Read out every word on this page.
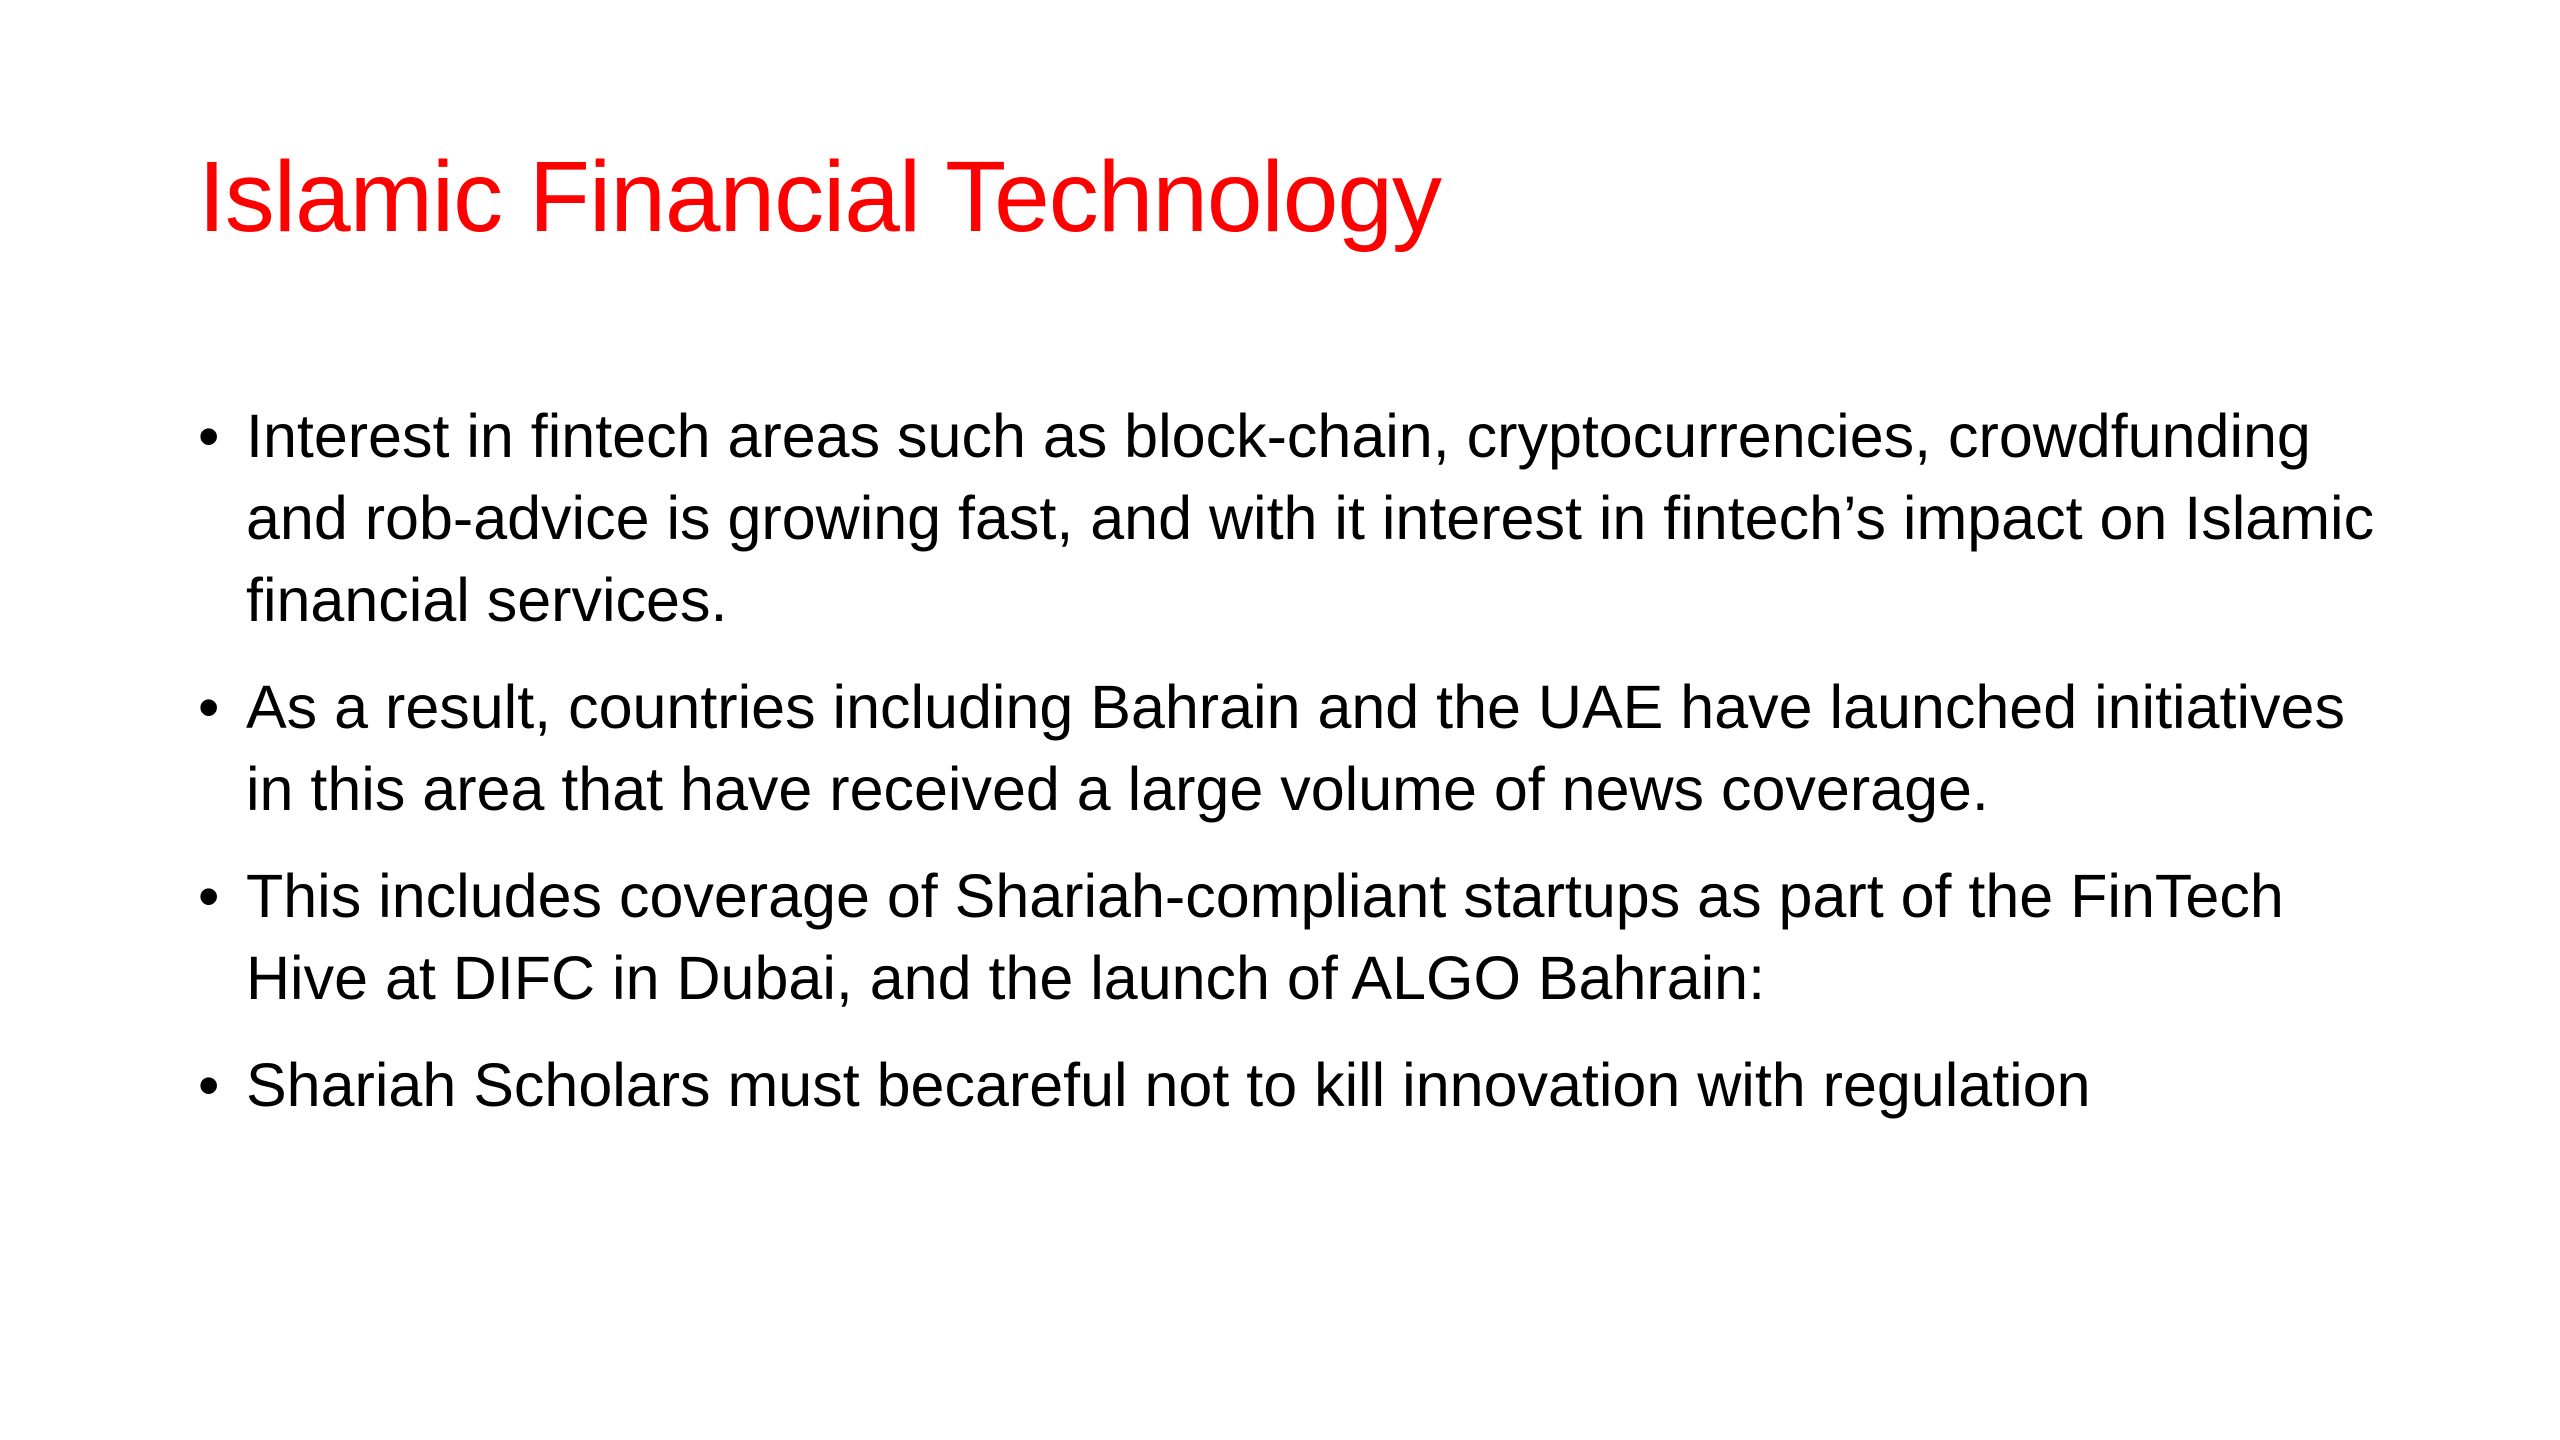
Islamic Financial Technology
• Interest in fintech areas such as block-chain, cryptocurrencies, crowdfunding and rob-advice is growing fast, and with it interest in fintech’s impact on Islamic financial services.
• As a result, countries including Bahrain and the UAE have launched initiatives in this area that have received a large volume of news coverage.
• This includes coverage of Shariah-compliant startups as part of the FinTech Hive at DIFC in Dubai, and the launch of ALGO Bahrain:
• Shariah Scholars must becareful not to kill innovation with regulation
